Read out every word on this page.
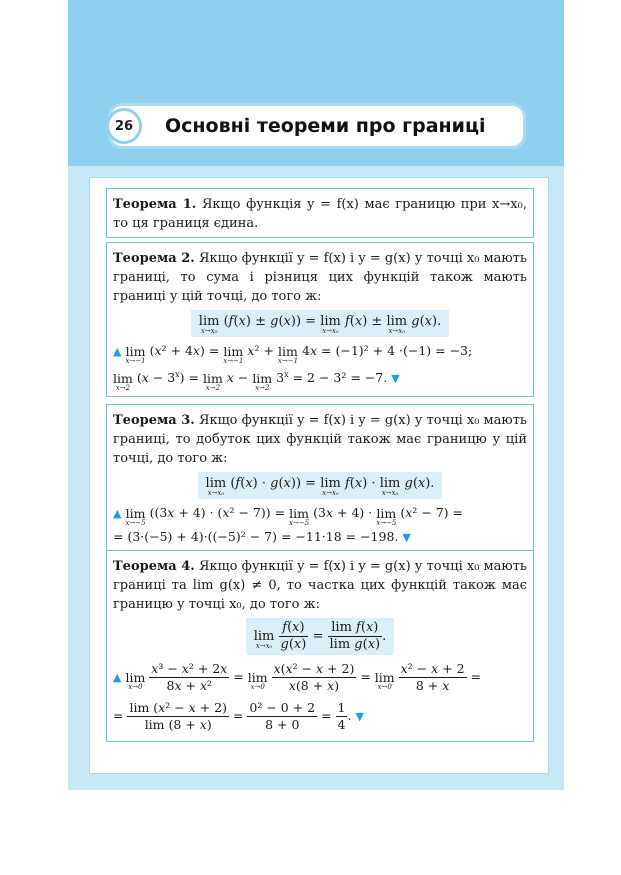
Основні теореми про границі
26
Теорема 1. Якщо функція y = f(x) має границю при x→x₀, то ця границя єдина.
Теорема 2. Якщо функції y = f(x) і y = g(x) у точці x₀ мають границі, то сума і різниця цих функцій також мають границі у цій точці, до того ж:
lim
x→x₀
(f(x) ± g(x)) = lim
x→x₀
f(x) ± lim
x→x₀
g(x).
▲ lim
x→−1
(x² + 4x) = lim
x→−1
x² + lim
x→−1
4x = (−1)² + 4 ·(−1) = −3;
lim
x→2
$(x - 3^x) = \lim$
x→2
x − lim
x→2
$3^x = 2 - 3^2 = -7$. ▼
Теорема 3. Якщо функції y = f(x) і y = g(x) у точці x₀ мають границі, то добуток цих функцій також має границю у цій точці, до того ж:
lim
x→x₀
(f(x) · g(x)) = lim
x→x₀
f(x) · lim
x→x₀
g(x).
▲ lim
x→−5
((3x + 4) · (x² − 7)) = lim
x→−5
(3x + 4) · lim
x→−5
(x² − 7) =
= (3·(−5) + 4)·((−5)² − 7) = −11·18 = −198. ▼
Теорема 4. Якщо функції y = f(x) і y = g(x) у точці x₀ мають границі та lim g(x) ≠ 0, то частка цих функцій також має границю у точці x₀, до того ж:
lim
x→x₀
$\frac{f(x)}{g(x)} = \frac{\text{lim f(x)}}{\text{lim g(x)}}$ .
▲ lim
x→0
$\frac{\text{x³ − x² + 2x}}{\text{8x + x²}} = \lim$
x→0
$\frac{\text{x(x² − x + 2)}}{x(8 + x)} = \lim$
x→0
$\frac{\text{x² − x + 2}}{8 + x}$ =
= $\frac{\text{lim (x² − x + 2)}}{\lim (8 + x)} = \frac{\text{0² − 0 + 2}}{8 + 0} = \frac{1}{4}$ . ▼
